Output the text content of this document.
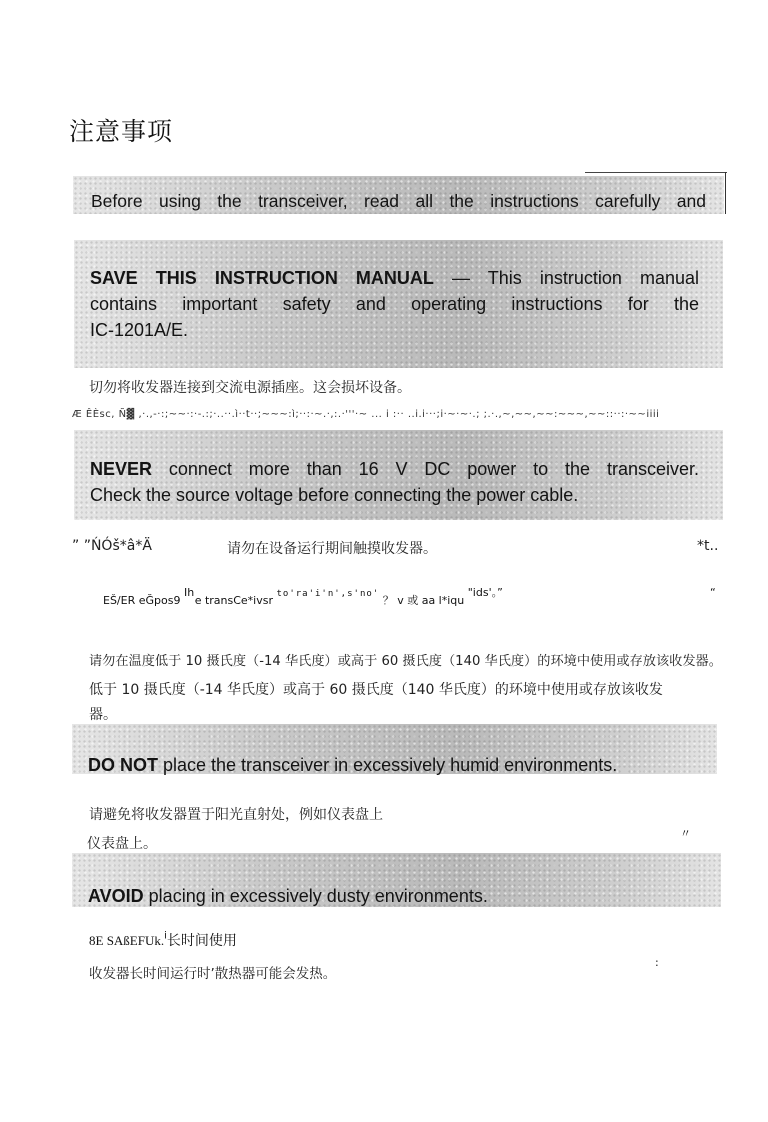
注意事项

Before using the transceiver, read all the instructions carefully and

SAVE THIS INSTRUCTION MANUAL — This instruction manual

contains important safety and operating instructions for the

IC-1201A/E.

切勿将收发器连接到交流电源插座。这会损坏设备。
Æ ÊÈsc, Ñ▓ ,·.,-·:;~~·:·-.:;·..··.ì··t··;~~~:ì;··:·~.·,:.·'''·~ ... i :·· ..i.i···;i·~·~·.; ;.·.,~,~~,~~:~~~,~~::··:·~~iiii

NEVER connect more than 16 V DC power to the transceiver.

Check the source voltage before connecting the power cable.

” ”ŃÓš*â*Ä	请勿在设备运行期间触摸收发器。	*t..
EŠ/ER eĞpos9 Ih e transCe*ivsr to'ra'i'n',s'no' ？ v 或 aa l*iqu "ids'。”	“
请勿在温度低于 10 摄氏度（-14 华氏度）或高于 60 摄氏度（140 华氏度）的环境中使用或存放该收发器。
低于 10 摄氏度（-14 华氏度）或高于 60 摄氏度（140 华氏度）的环境中使用或存放该收发
器。

DO NOT place the transceiver in excessively humid environments.

请避免将收发器置于阳光直射处，例如仪表盘上
仪表盘上。
〃

AVOID placing in excessively dusty environments.

8E SAßEFUk.$^i$长时间使用
收发器长时间运行时’散热器可能会发热。
:
